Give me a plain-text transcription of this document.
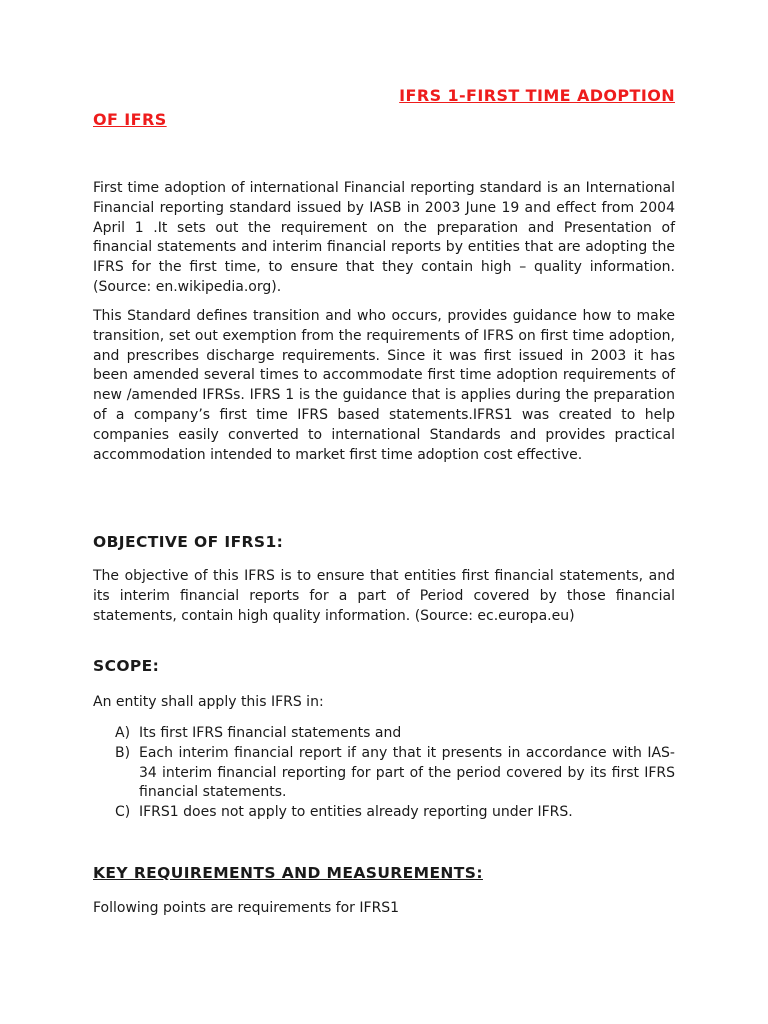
IFRS 1-FIRST TIME ADOPTION
OF IFRS

First time adoption of international Financial reporting standard is an International Financial reporting standard issued by IASB in 2003 June 19 and effect from 2004 April 1 .It sets out the requirement on the preparation and Presentation of financial statements and interim financial reports by entities that are adopting the IFRS for the first time, to ensure that they contain high – quality information. (Source: en.wikipedia.org).

This Standard defines transition and who occurs, provides guidance how to make transition, set out exemption from the requirements of IFRS on first time adoption, and prescribes discharge requirements. Since it was first issued in 2003 it has been amended several times to accommodate first time adoption requirements of new /amended IFRSs. IFRS 1 is the guidance that is applies during the preparation of a company’s first time IFRS based statements.IFRS1 was created to help companies easily converted to international Standards and provides practical accommodation intended to market first time adoption cost effective.

OBJECTIVE OF IFRS1:

The objective of this IFRS is to ensure that entities first financial statements, and its interim financial reports for a part of Period covered by those financial statements, contain high quality information. (Source: ec.europa.eu)

SCOPE:

An entity shall apply this IFRS in:

A) Its first IFRS financial statements and
B) Each interim financial report if any that it presents in accordance with IAS-34 interim financial reporting for part of the period covered by its first IFRS financial statements.
C) IFRS1 does not apply to entities already reporting under IFRS.
KEY REQUIREMENTS AND MEASUREMENTS:

Following points are requirements for IFRS1
